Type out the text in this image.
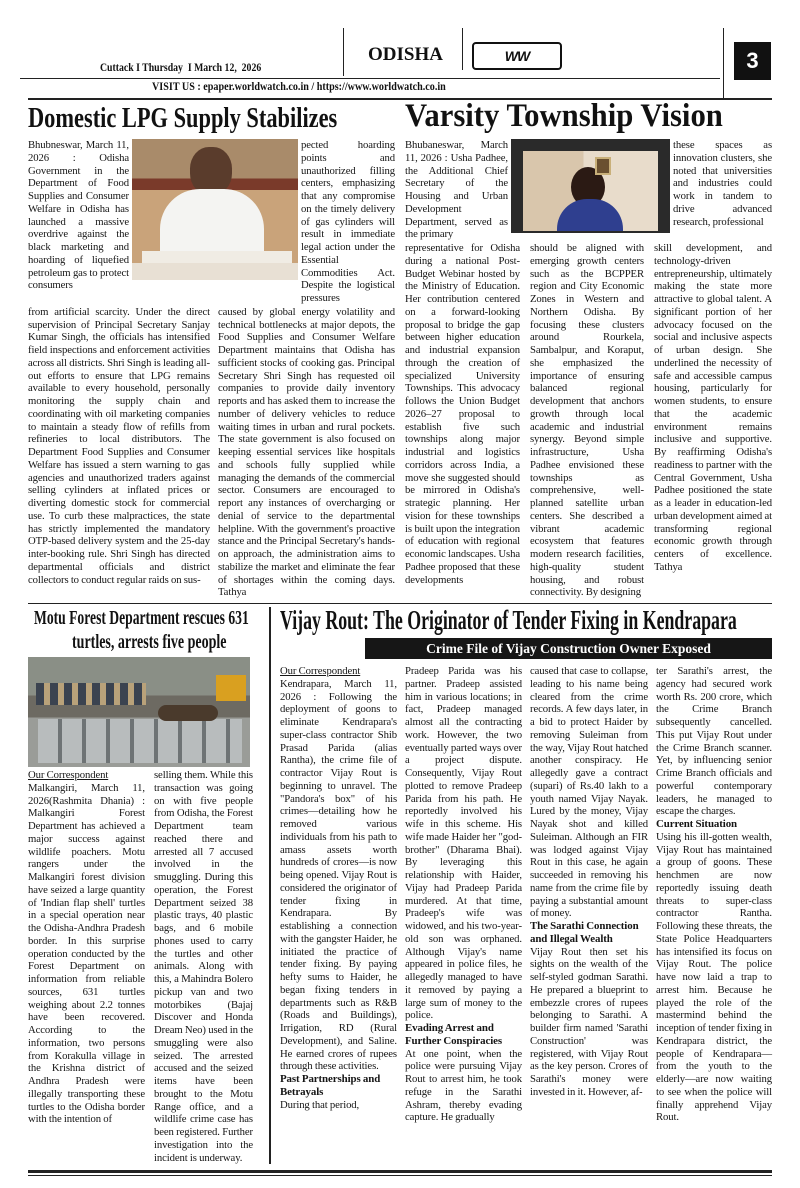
Cuttack I Thursday  I March 12,  2026
ODISHA	WW	3
VISIT US : epaper.worldwatch.co.in / https://www.worldwatch.co.in
Domestic LPG Supply Stabilizes
Bhubneswar, March 11, 2026 : Odisha Government in the Department of Food Supplies and Consumer Welfare in Odisha has launched a massive overdrive against the black marketing and hoarding of liquefied petroleum gas to protect consumers
pected hoarding points and unauthorized filling centers, emphasizing that any compromise on the timely delivery of gas cylinders will result in immediate legal action under the Essential Commodities Act. Despite the logistical pressures
from artificial scarcity. Under the direct supervision of Principal Secretary Sanjay Kumar Singh, the officials has intensified field inspections and enforcement activities across all districts. Shri Singh is leading all-out efforts to ensure that LPG remains available to every household, personally monitoring the supply chain and coordinating with oil marketing companies to maintain a steady flow of refills from refineries to local distributors. The Department Food Supplies and Consumer Welfare has issued a stern warning to gas agencies and unauthorized traders against selling cylinders at inflated prices or diverting domestic stock for commercial use. To curb these malpractices, the state has strictly implemented the mandatory OTP-based delivery system and the 25-day inter-booking rule. Shri Singh has directed departmental officials and district collectors to conduct regular raids on sus-
caused by global energy volatility and technical bottlenecks at major depots, the Food Supplies and Consumer Welfare Department maintains that Odisha has sufficient stocks of cooking gas. Principal Secretary Shri Singh has requested oil companies to provide daily inventory reports and has asked them to increase the number of delivery vehicles to reduce waiting times in urban and rural pockets. The state government is also focused on keeping essential services like hospitals and schools fully supplied while managing the demands of the commercial sector. Consumers are encouraged to report any instances of overcharging or denial of service to the departmental helpline. With the government's proactive stance and the Principal Secretary's hands-on approach, the administration aims to stabilize the market and eliminate the fear of shortages within the coming days. Tathya
Varsity Township Vision
Bhubaneswar, March 11, 2026 : Usha Padhee, the Additional Chief Secretary of the Housing and Urban Development Department, served as the primary
these spaces as innovation clusters, she noted that universities and industries could work in tandem to drive advanced research, professional
representative for Odisha during a national Post-Budget Webinar hosted by the Ministry of Education. Her contribution centered on a forward-looking proposal to bridge the gap between higher education and industrial expansion through the creation of specialized University Townships. This advocacy follows the Union Budget 2026–27 proposal to establish five such townships along major industrial and logistics corridors across India, a move she suggested should be mirrored in Odisha's strategic planning. Her vision for these townships is built upon the integration of education with regional economic landscapes. Usha Padhee proposed that these developments
should be aligned with emerging growth centers such as the BCPPER region and City Economic Zones in Western and Northern Odisha. By focusing these clusters around Rourkela, Sambalpur, and Koraput, she emphasized the importance of ensuring balanced regional development that anchors growth through local academic and industrial synergy. Beyond simple infrastructure, Usha Padhee envisioned these townships as comprehensive, well-planned satellite urban centers. She described a vibrant academic ecosystem that features modern research facilities, high-quality student housing, and robust connectivity. By designing
skill development, and technology-driven entrepreneurship, ultimately making the state more attractive to global talent. A significant portion of her advocacy focused on the social and inclusive aspects of urban design. She underlined the necessity of safe and accessible campus housing, particularly for women students, to ensure that the academic environment remains inclusive and supportive. By reaffirming Odisha's readiness to partner with the Central Government, Usha Padhee positioned the state as a leader in education-led urban development aimed at transforming regional economic growth through centers of excellence. Tathya
Motu Forest Department rescues 631
turtles, arrests five people
Our Correspondent

Malkangiri, March 11, 2026(Rashmita Dhania) : Malkangiri Forest Department has achieved a major success against wildlife poachers. Motu rangers under the Malkangiri forest division have seized a large quantity of 'Indian flap shell' turtles in a special operation near the Odisha-Andhra Pradesh border. In this surprise operation conducted by the Forest Department on information from reliable sources, 631 turtles weighing about 2.2 tonnes have been recovered. According to the information, two persons from Korakulla village in the Krishna district of Andhra Pradesh were illegally transporting these turtles to the Odisha border with the intention of

selling them. While this transaction was going on with five people from Odisha, the Forest Department team reached there and arrested all 7 accused involved in the smuggling. During this operation, the Forest Department seized 38 plastic trays, 40 plastic bags, and 6 mobile phones used to carry the turtles and other animals. Along with this, a Mahindra Bolero pickup van and two motorbikes (Bajaj Discover and Honda Dream Neo) used in the smuggling were also seized. The arrested accused and the seized items have been brought to the Motu Range office, and a wildlife crime case has been registered. Further investigation into the incident is underway.
Vijay Rout: The Originator of Tender Fixing in Kendrapara
Crime File of Vijay Construction Owner Exposed
Our Correspondent

Kendrapara, March 11, 2026 : Following the deployment of goons to eliminate Kendrapara's super-class contractor Shib Prasad Parida (alias Rantha), the crime file of contractor Vijay Rout is beginning to unravel. The "Pandora's box" of his crimes—detailing how he removed various individuals from his path to amass assets worth hundreds of crores—is now being opened. Vijay Rout is considered the originator of tender fixing in Kendrapara. By establishing a connection with the gangster Haider, he initiated the practice of tender fixing. By paying hefty sums to Haider, he began fixing tenders in departments such as R&B (Roads and Buildings), Irrigation, RD (Rural Development), and Saline. He earned crores of rupees through these activities.

Past Partnerships and Betrayals

During that period,

Pradeep Parida was his partner. Pradeep assisted him in various locations; in fact, Pradeep managed almost all the contracting work. However, the two eventually parted ways over a project dispute. Consequently, Vijay Rout plotted to remove Pradeep Parida from his path. He reportedly involved his wife in this scheme. His wife made Haider her "god-brother" (Dharama Bhai). By leveraging this relationship with Haider, Vijay had Pradeep Parida murdered. At that time, Pradeep's wife was widowed, and his two-year-old son was orphaned. Although Vijay's name appeared in police files, he allegedly managed to have it removed by paying a large sum of money to the police.

Evading Arrest and Further Conspiracies

At one point, when the police were pursuing Vijay Rout to arrest him, he took refuge in the Sarathi Ashram, thereby evading capture. He gradually

caused that case to collapse, leading to his name being cleared from the crime records. A few days later, in a bid to protect Haider by removing Suleiman from the way, Vijay Rout hatched another conspiracy. He allegedly gave a contract (supari) of Rs.40 lakh to a youth named Vijay Nayak. Lured by the money, Vijay Nayak shot and killed Suleiman. Although an FIR was lodged against Vijay Rout in this case, he again succeeded in removing his name from the crime file by paying a substantial amount of money.

The Sarathi Connection and Illegal Wealth

Vijay Rout then set his sights on the wealth of the self-styled godman Sarathi. He prepared a blueprint to embezzle crores of rupees belonging to Sarathi. A builder firm named 'Sarathi Construction' was registered, with Vijay Rout as the key person. Crores of Sarathi's money were invested in it. However, af-

ter Sarathi's arrest, the agency had secured work worth Rs. 200 crore, which the Crime Branch subsequently cancelled. This put Vijay Rout under the Crime Branch scanner. Yet, by influencing senior Crime Branch officials and powerful contemporary leaders, he managed to escape the charges.

Current Situation

Using his ill-gotten wealth, Vijay Rout has maintained a group of goons. These henchmen are now reportedly issuing death threats to super-class contractor Rantha. Following these threats, the State Police Headquarters has intensified its focus on Vijay Rout. The police have now laid a trap to arrest him. Because he played the role of the mastermind behind the inception of tender fixing in Kendrapara district, the people of Kendrapara—from the youth to the elderly—are now waiting to see when the police will finally apprehend Vijay Rout.
